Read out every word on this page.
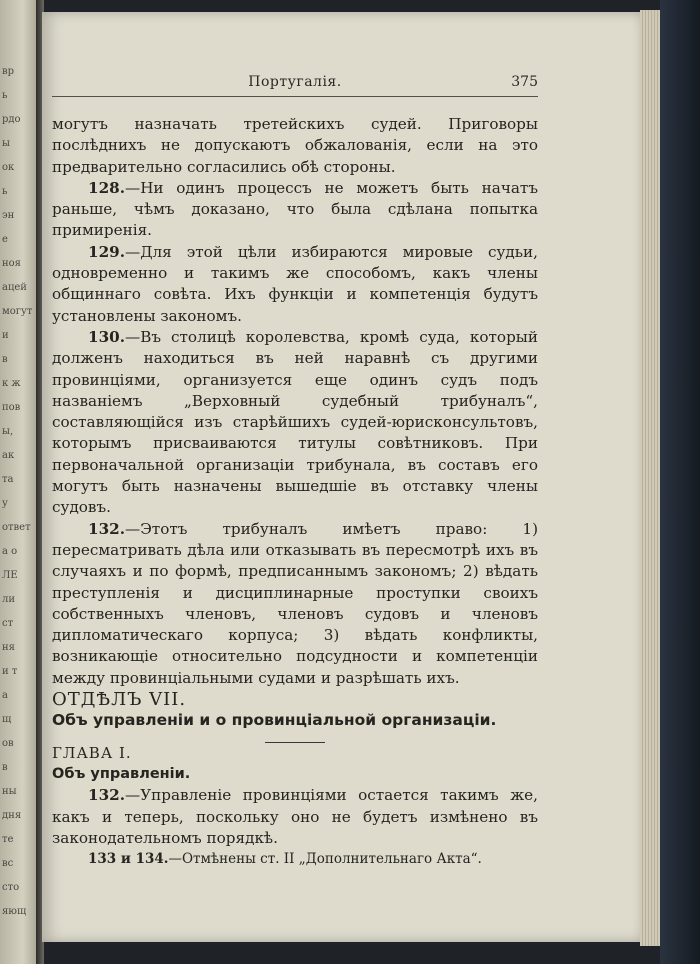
вр
ь
рдо
ы
ок
ь
эн
е
ноя
ацей
могут
и
в
к ж
пов
ы,
ак
та
у
ответ
а о
ЛЕ
ли
ст
ня
и т
а
щ
ов
в
ны
дня
те
вс
сто
яющ
Португалія.	375

могутъ назначать третейскихъ судей. Приговоры послѣднихъ не допускаютъ обжалованія, если на это предварительно согласились обѣ стороны.

128.—Ни одинъ процессъ не можетъ быть начатъ раньше, чѣмъ доказано, что была сдѣлана попытка примиренія.

129.—Для этой цѣли избираются мировые судьи, одновременно и такимъ же способомъ, какъ члены общиннаго совѣта. Ихъ функціи и компетенція будутъ установлены закономъ.

130.—Въ столицѣ королевства, кромѣ суда, который долженъ находиться въ ней наравнѣ съ другими провинціями, организуется еще одинъ судъ подъ названіемъ „Верховный судебный трибуналъ“, составляющійся изъ старѣйшихъ судей-юрисконсультовъ, которымъ присваиваются титулы совѣтниковъ. При первоначальной организаціи трибунала, въ составъ его могутъ быть назначены вышедшіе въ отставку члены судовъ.

132.—Этотъ трибуналъ имѣетъ право: 1) пересматривать дѣла или отказывать въ пересмотрѣ ихъ въ случаяхъ и по формѣ, предписаннымъ закономъ; 2) вѣдать преступленія и дисциплинарные проступки своихъ собственныхъ членовъ, членовъ судовъ и членовъ дипломатическаго корпуса; 3) вѣдать конфликты, возникающіе относительно подсудности и компетенціи между провинціальными судами и разрѣшать ихъ.

ОТДѢЛЪ VII.

Объ управленіи и о провинціальной организаціи.

ГЛАВА I.

Объ управленіи.

132.—Управленіе провинціями остается такимъ же, какъ и теперь, поскольку оно не будетъ измѣнено въ законодательномъ порядкѣ.

133 и 134.—Отмѣнены ст. II „Дополнительнаго Акта“.
